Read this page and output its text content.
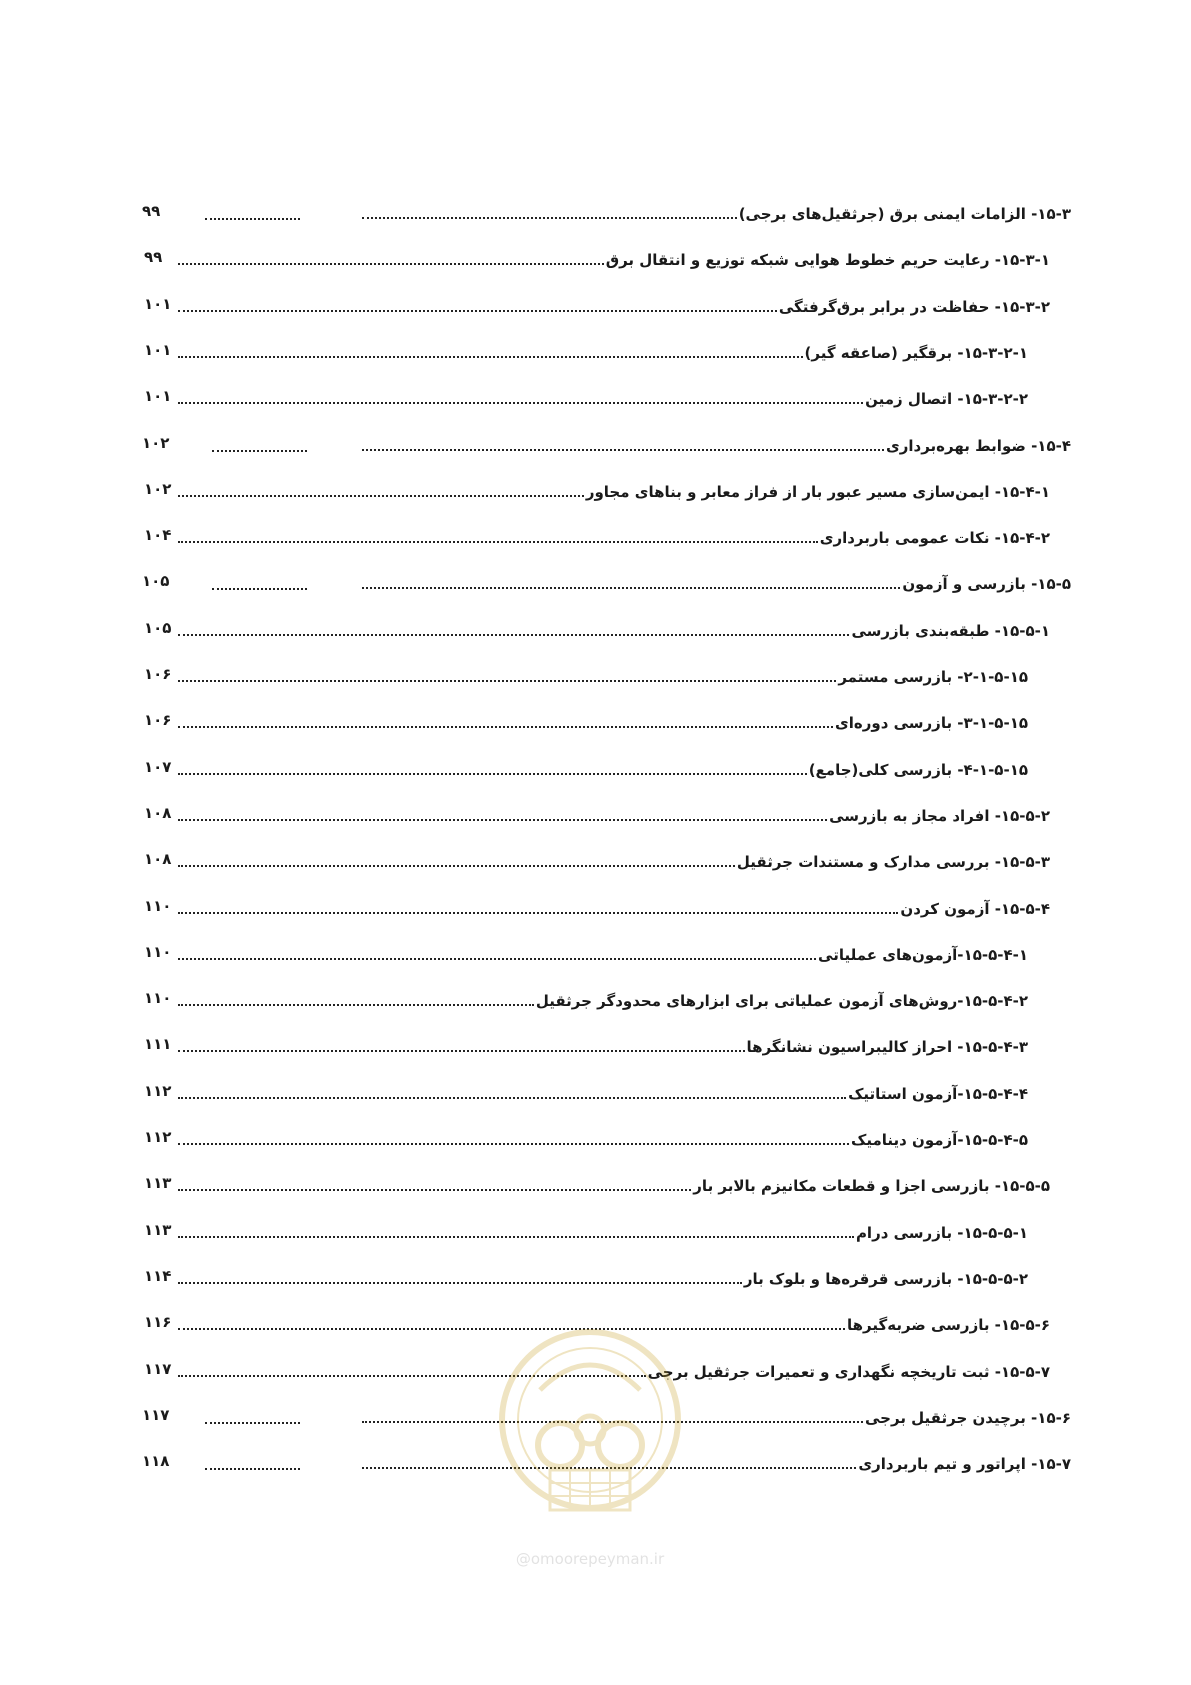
۱۵-۳- الزامات ایمنی برق (جرثقیل‌های برجی)
۹۹
۱۵-۳-۱- رعایت حریم خطوط هوایی شبکه توزیع و انتقال برق
۹۹
۱۵-۳-۲- حفاظت در برابر برق‌گرفتگی
۱۰۱
۱۵-۳-۲-۱- برقگیر (صاعقه گیر)
۱۰۱
۱۵-۳-۲-۲- اتصال زمین
۱۰۱
۱۵-۴- ضوابط بهره‌برداری
۱۰۲
۱۵-۴-۱- ایمن‌سازی مسیر عبور بار از فراز معابر و بناهای مجاور
۱۰۲
۱۵-۴-۲- نکات عمومی باربرداری
۱۰۴
۱۵-۵- بازرسی و آزمون
۱۰۵
۱۵-۵-۱- طبقه‌بندی بازرسی
۱۰۵
۲-۱-۵-۱۵- بازرسی مستمر
۱۰۶
۳-۱-۵-۱۵- بازرسی دوره‌ای
۱۰۶
۴-۱-۵-۱۵- بازرسی کلی(جامع)
۱۰۷
۱۵-۵-۲- افراد مجاز به بازرسی
۱۰۸
۱۵-۵-۳- بررسی مدارک و مستندات جرثقیل
۱۰۸
۱۵-۵-۴- آزمون کردن
۱۱۰
۱۵-۵-۴-۱-آزمون‌های عملیاتی
۱۱۰
۱۵-۵-۴-۲-روش‌های آزمون عملیاتی برای ابزارهای محدودگر جرثقیل
۱۱۰
۱۵-۵-۴-۳- احراز کالیبراسیون نشانگرها
۱۱۱
۱۵-۵-۴-۴-آزمون استاتیک
۱۱۲
۱۵-۵-۴-۵-آزمون دینامیک
۱۱۲
۱۵-۵-۵- بازرسی اجزا و قطعات مکانیزم بالابر بار
۱۱۳
۱۵-۵-۵-۱- بازرسی درام
۱۱۳
۱۵-۵-۵-۲- بازرسی قرقره‌ها و بلوک بار
۱۱۴
۱۵-۵-۶- بازرسی ضربه‌گیرها
۱۱۶
۱۵-۵-۷- ثبت تاریخچه نگهداری و تعمیرات جرثقیل برجی
۱۱۷
۱۵-۶- برچیدن جرثقیل برجی
۱۱۷
۱۵-۷- اپراتور و تیم باربرداری
۱۱۸
@omoorepeyman.ir
